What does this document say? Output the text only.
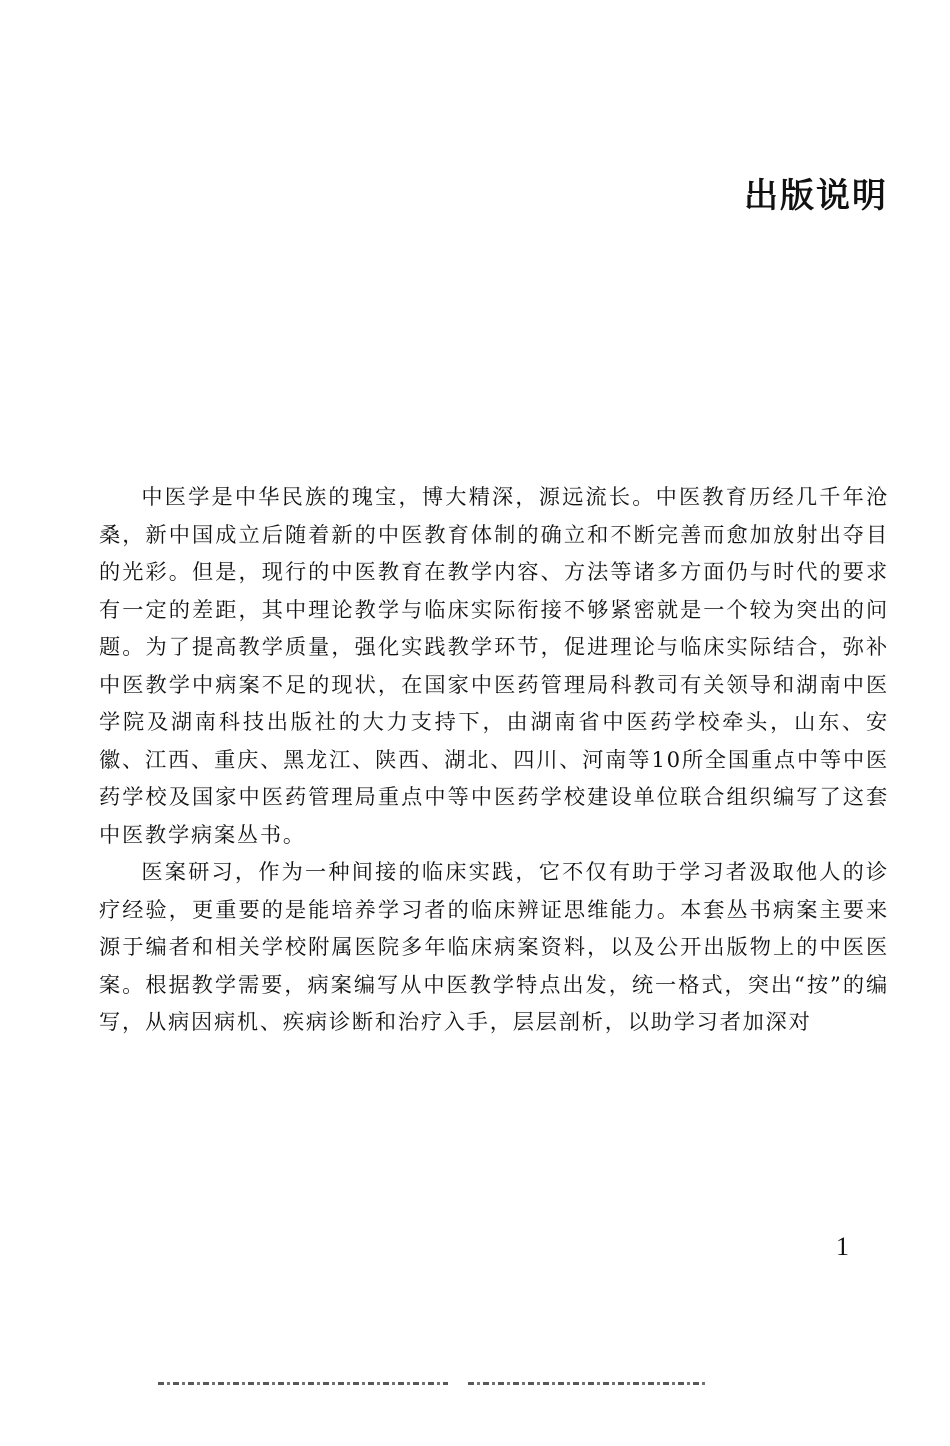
出版说明

中医学是中华民族的瑰宝，博大精深，源远流长。中医教育历经几千年沧桑，新中国成立后随着新的中医教育体制的确立和不断完善而愈加放射出夺目的光彩。但是，现行的中医教育在教学内容、方法等诸多方面仍与时代的要求有一定的差距，其中理论教学与临床实际衔接不够紧密就是一个较为突出的问题。为了提高教学质量，强化实践教学环节，促进理论与临床实际结合，弥补中医教学中病案不足的现状，在国家中医药管理局科教司有关领导和湖南中医学院及湖南科技出版社的大力支持下，由湖南省中医药学校牵头，山东、安徽、江西、重庆、黑龙江、陕西、湖北、四川、河南等10所全国重点中等中医药学校及国家中医药管理局重点中等中医药学校建设单位联合组织编写了这套中医教学病案丛书。

医案研习，作为一种间接的临床实践，它不仅有助于学习者汲取他人的诊疗经验，更重要的是能培养学习者的临床辨证思维能力。本套丛书病案主要来源于编者和相关学校附属医院多年临床病案资料，以及公开出版物上的中医医案。根据教学需要，病案编写从中医教学特点出发，统一格式，突出“按”的编写，从病因病机、疾病诊断和治疗入手，层层剖析，以助学习者加深对

1
